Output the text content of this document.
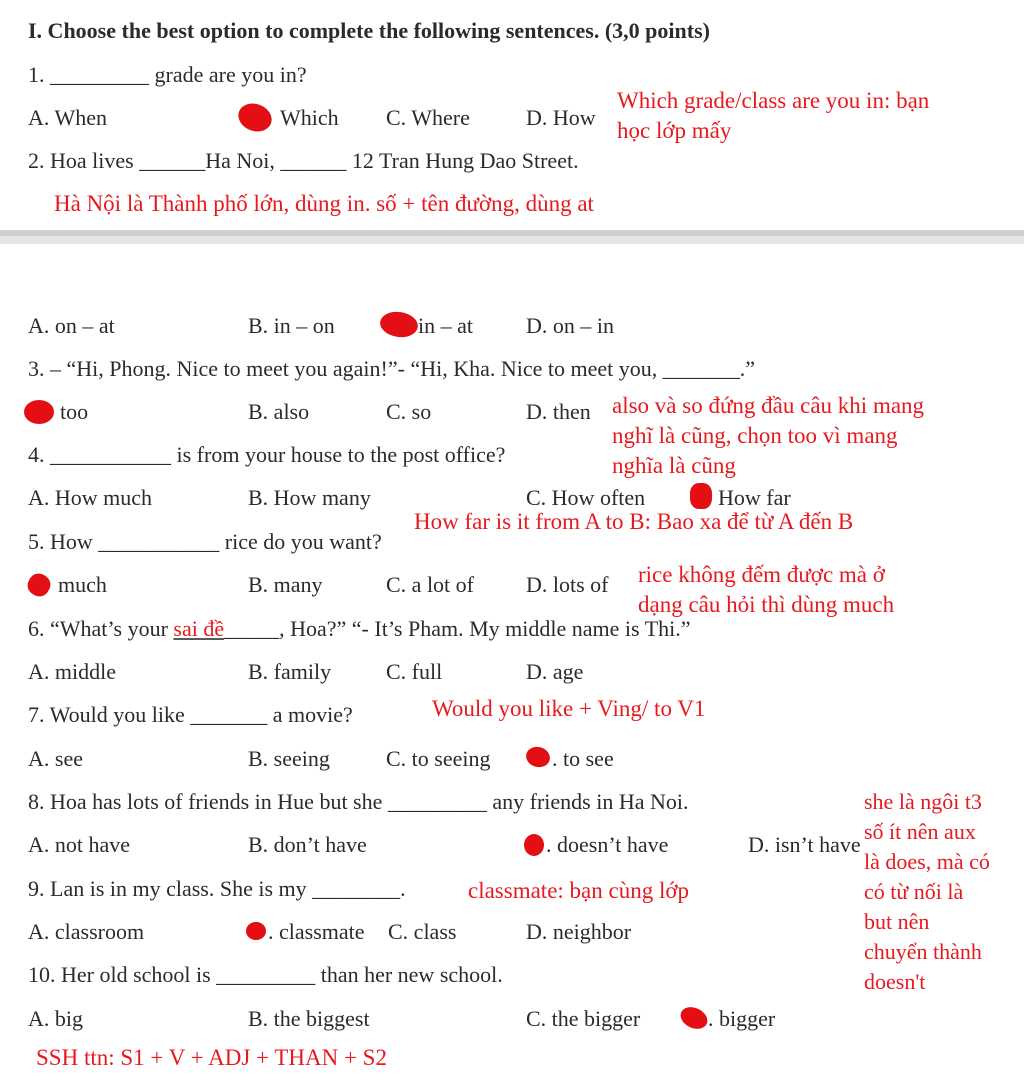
I. Choose the best option to complete the following sentences. (3,0 points)
1. _________ grade are you in?
A. When	Which C. Where	D. How
Which grade/class are you in: bạn
học lớp mấy
2. Hoa lives ______Ha Noi, ______ 12 Tran Hung Dao Street.
Hà Nội là Thành phố lớn, dùng in. số + tên đường, dùng at
A. on – at	B. in – on	in – at D. on – in
3. – “Hi, Phong. Nice to meet you again!”- “Hi, Kha. Nice to meet you, _______.”
too	B. also	C. so	D. then also và so đứng đầu câu khi mang
nghĩ là cũng, chọn too vì mang
nghĩa là cũng
4. ___________ is from your house to the post office?
A. How much	B. How many	C. How often	How far
5. How ___________ rice do you want?
How far is it from A to B: Bao xa để từ A đến B
much	B. many	C. a lot of D. lots of rice không đếm được mà ở
dạng câu hỏi thì dùng much
6. “What’s your sai đề_____, Hoa?” “- It’s Pham. My middle name is Thi.”
A. middle	B. family C. full	D. age
7. Would you like _______ a movie?	Would you like + Ving/ to V1
A. see	B. seeing	C. to seeing	. to see
8. Hoa has lots of friends in Hue but she _________ any friends in Ha Noi.
A. not have	B. don’t have	. doesn’t have	D. isn’t have
she là ngôi t3
số ít nên aux
là does, mà có
có từ nối là
but nên
chuyển thành
doesn't
9. Lan is in my class. She is my ________.	classmate: bạn cùng lớp
A. classroom	. classmate C. class	D. neighbor
10. Her old school is _________ than her new school.
A. big	B. the biggest	C. the bigger	. bigger
SSH ttn: S1 + V + ADJ + THAN + S2
